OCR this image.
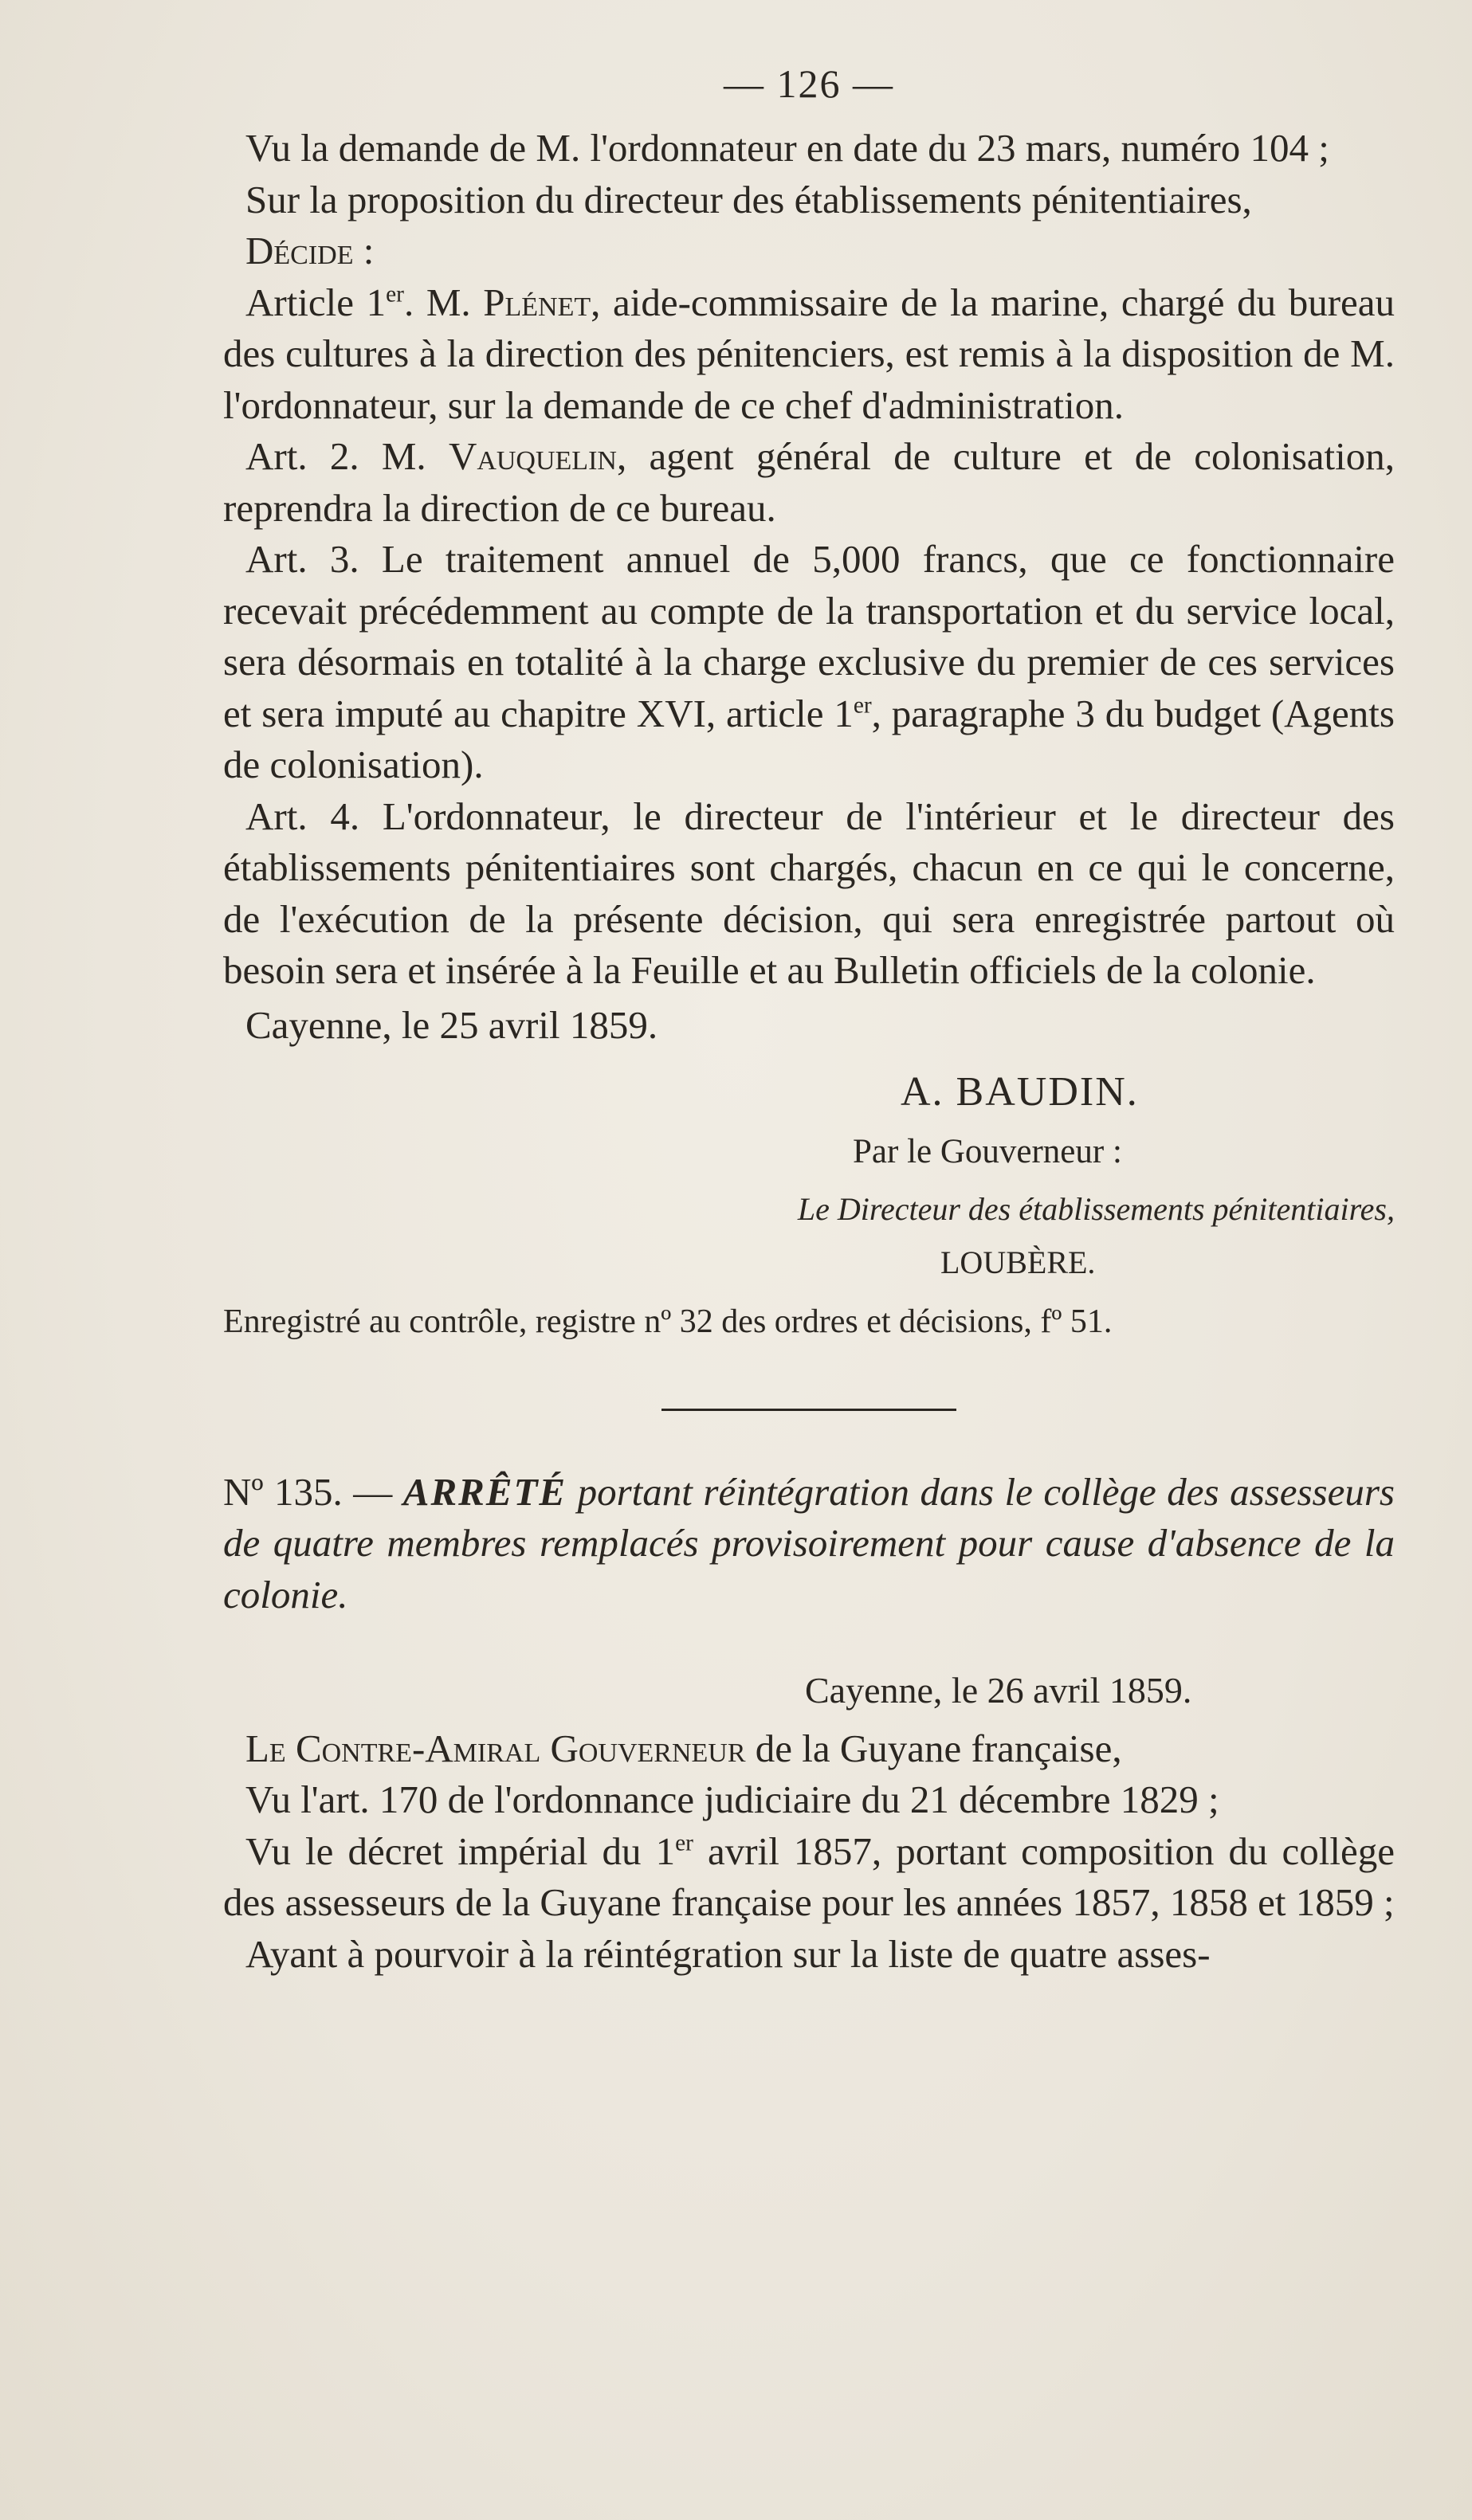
— 126 —

Vu la demande de M. l'ordonnateur en date du 23 mars, numéro 104 ;

Sur la proposition du directeur des établissements pénitentiaires,

Décide :

Article 1er. M. Plénet, aide-commissaire de la marine, chargé du bureau des cultures à la direction des pénitenciers, est remis à la disposition de M. l'ordonnateur, sur la demande de ce chef d'administration.

Art. 2. M. Vauquelin, agent général de culture et de colonisation, reprendra la direction de ce bureau.

Art. 3. Le traitement annuel de 5,000 francs, que ce fonctionnaire recevait précédemment au compte de la transportation et du service local, sera désormais en totalité à la charge exclusive du premier de ces services et sera imputé au chapitre XVI, article 1er, paragraphe 3 du budget (Agents de colonisation).

Art. 4. L'ordonnateur, le directeur de l'intérieur et le directeur des établissements pénitentiaires sont chargés, chacun en ce qui le concerne, de l'exécution de la présente décision, qui sera enregistrée partout où besoin sera et insérée à la Feuille et au Bulletin officiels de la colonie.

Cayenne, le 25 avril 1859.

A. BAUDIN.

Par le Gouverneur :

Le Directeur des établissements pénitentiaires,

LOUBÈRE.

Enregistré au contrôle, registre nº 32 des ordres et décisions, fº 51.

Nº 135. — ARRÊTÉ portant réintégration dans le collège des assesseurs de quatre membres remplacés provisoirement pour cause d'absence de la colonie.

Cayenne, le 26 avril 1859.

Le Contre-Amiral Gouverneur de la Guyane française,

Vu l'art. 170 de l'ordonnance judiciaire du 21 décembre 1829 ;

Vu le décret impérial du 1er avril 1857, portant composition du collège des assesseurs de la Guyane française pour les années 1857, 1858 et 1859 ;

Ayant à pourvoir à la réintégration sur la liste de quatre asses-
